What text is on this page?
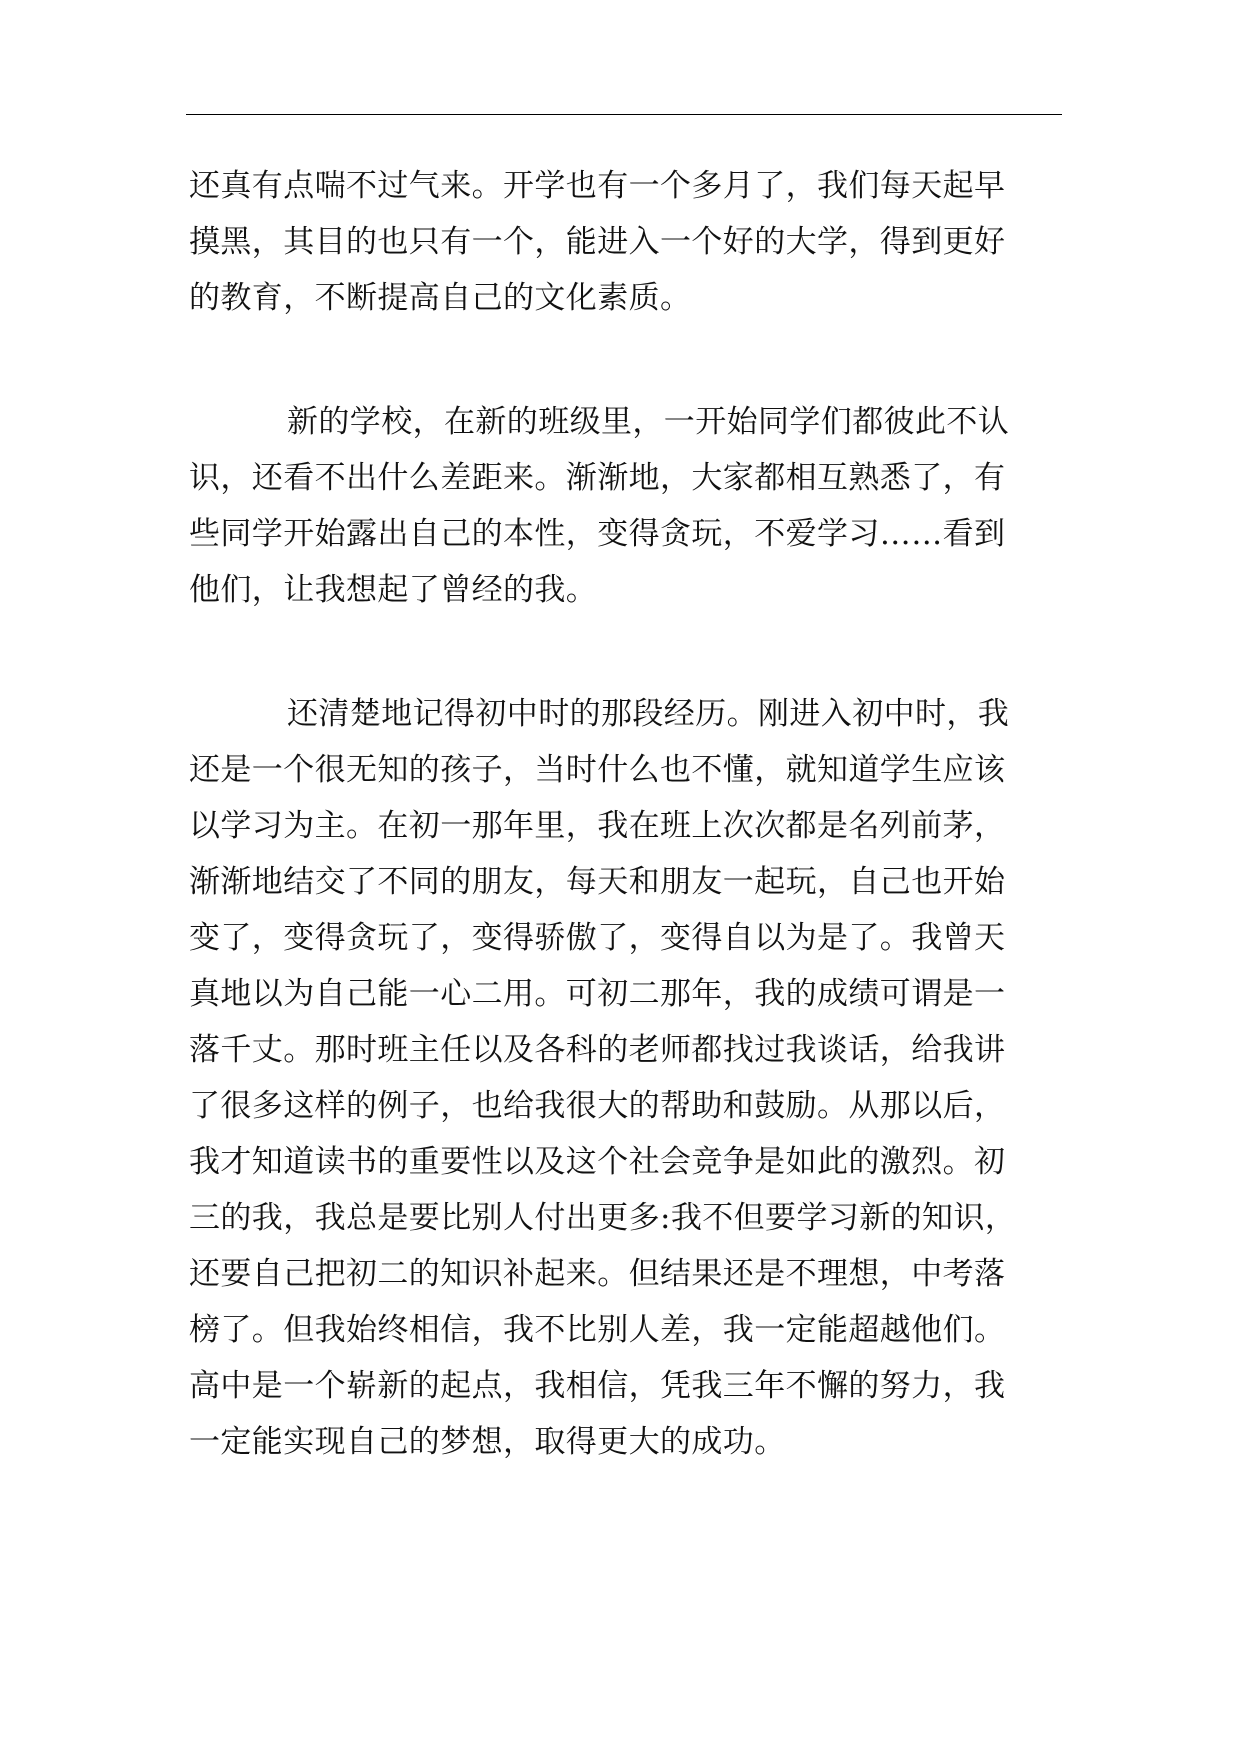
还真有点喘不过气来。开学也有一个多月了，我们每天起早
摸黑，其目的也只有一个，能进入一个好的大学，得到更好
的教育，不断提高自己的文化素质。
新的学校，在新的班级里，一开始同学们都彼此不认
识，还看不出什么差距来。渐渐地，大家都相互熟悉了，有
些同学开始露出自己的本性，变得贪玩，不爱学习……看到
他们，让我想起了曾经的我。
还清楚地记得初中时的那段经历。刚进入初中时，我
还是一个很无知的孩子，当时什么也不懂，就知道学生应该
以学习为主。在初一那年里，我在班上次次都是名列前茅，
渐渐地结交了不同的朋友，每天和朋友一起玩，自己也开始
变了，变得贪玩了，变得骄傲了，变得自以为是了。我曾天
真地以为自己能一心二用。可初二那年，我的成绩可谓是一
落千丈。那时班主任以及各科的老师都找过我谈话，给我讲
了很多这样的例子，也给我很大的帮助和鼓励。从那以后，
我才知道读书的重要性以及这个社会竞争是如此的激烈。初
三的我，我总是要比别人付出更多:我不但要学习新的知识，
还要自己把初二的知识补起来。但结果还是不理想，中考落
榜了。但我始终相信，我不比别人差，我一定能超越他们。
高中是一个崭新的起点，我相信，凭我三年不懈的努力，我
一定能实现自己的梦想，取得更大的成功。
